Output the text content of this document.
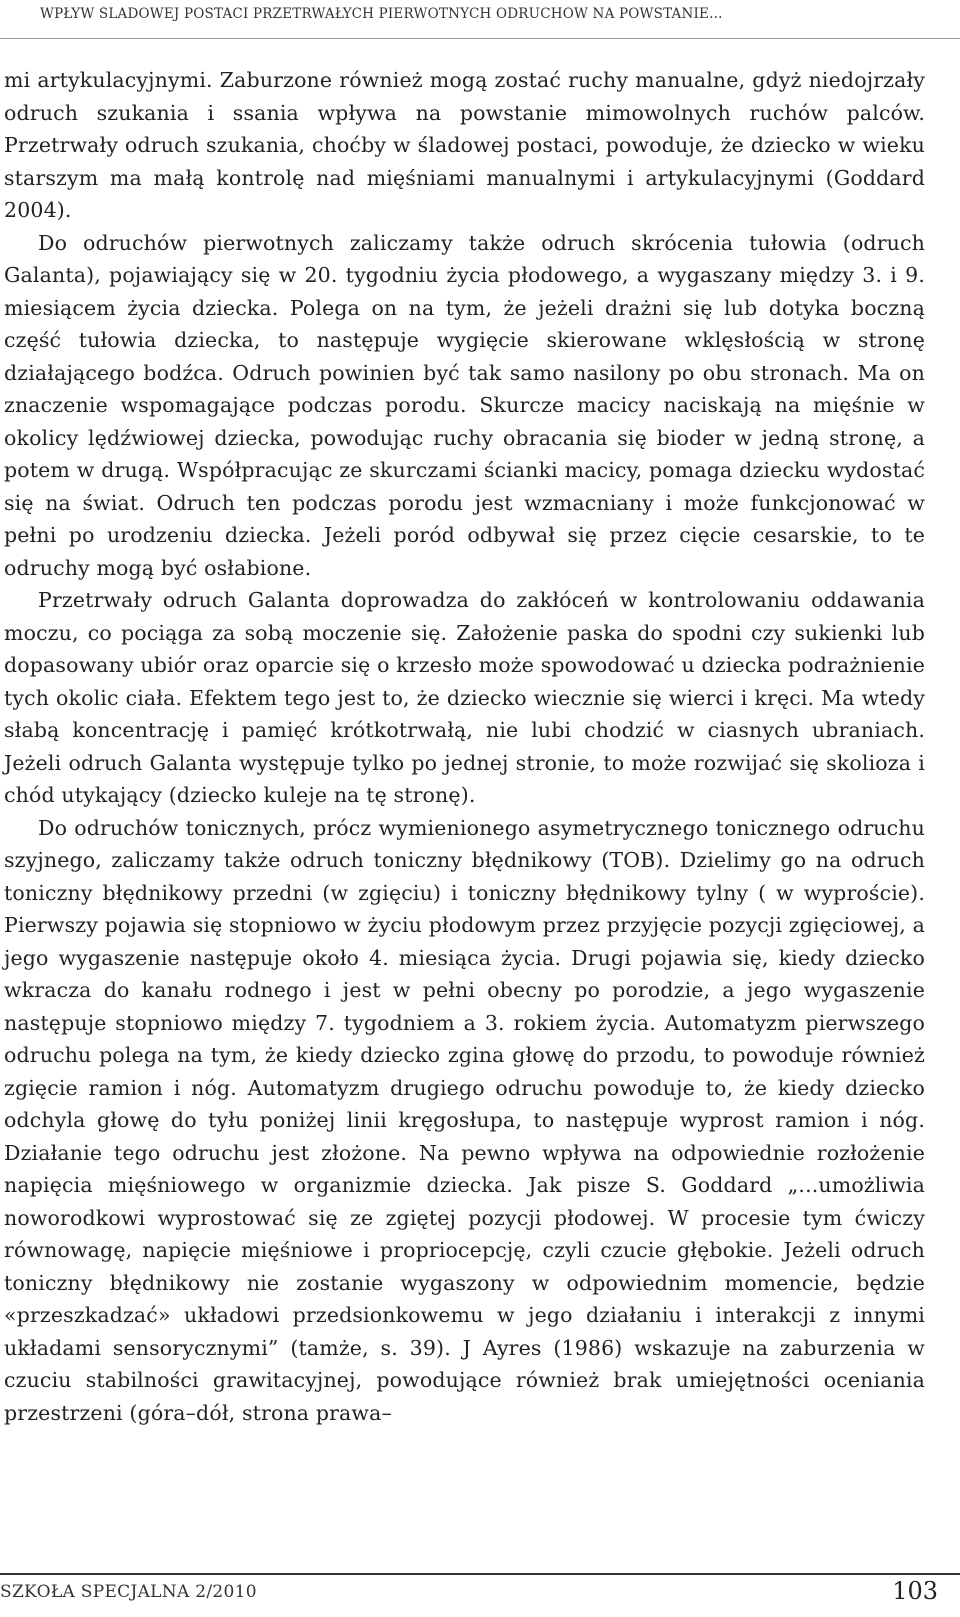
WPŁYW ŚLADOWEJ POSTACI PRZETRWAŁYCH PIERWOTNYCH ODRUCHÓW NA POWSTANIE...

mi artykulacyjnymi. Zaburzone również mogą zostać ruchy manualne, gdyż niedojrzały odruch szukania i ssania wpływa na powstanie mimowolnych ruchów palców. Przetrwały odruch szukania, choćby w śladowej postaci, powoduje, że dziecko w wieku starszym ma małą kontrolę nad mięśniami manualnymi i artykulacyjnymi (Goddard 2004).

Do odruchów pierwotnych zaliczamy także odruch skrócenia tułowia (odruch Galanta), pojawiający się w 20. tygodniu życia płodowego, a wygaszany między 3. i 9. miesiącem życia dziecka. Polega on na tym, że jeżeli drażni się lub dotyka boczną część tułowia dziecka, to następuje wygięcie skierowane wklęsłością w stronę działającego bodźca. Odruch powinien być tak samo nasilony po obu stronach. Ma on znaczenie wspomagające podczas porodu. Skurcze macicy naciskają na mięśnie w okolicy lędźwiowej dziecka, powodując ruchy obracania się bioder w jedną stronę, a potem w drugą. Współpracując ze skurczami ścianki macicy, pomaga dziecku wydostać się na świat. Odruch ten podczas porodu jest wzmacniany i może funkcjonować w pełni po urodzeniu dziecka. Jeżeli poród odbywał się przez cięcie cesarskie, to te odruchy mogą być osłabione.

Przetrwały odruch Galanta doprowadza do zakłóceń w kontrolowaniu oddawania moczu, co pociąga za sobą moczenie się. Założenie paska do spodni czy sukienki lub dopasowany ubiór oraz oparcie się o krzesło może spowodować u dziecka podrażnienie tych okolic ciała. Efektem tego jest to, że dziecko wiecznie się wierci i kręci. Ma wtedy słabą koncentrację i pamięć krótkotrwałą, nie lubi chodzić w ciasnych ubraniach. Jeżeli odruch Galanta występuje tylko po jednej stronie, to może rozwijać się skolioza i chód utykający (dziecko kuleje na tę stronę).

Do odruchów tonicznych, prócz wymienionego asymetrycznego tonicznego odruchu szyjnego, zaliczamy także odruch toniczny błędnikowy (TOB). Dzielimy go na odruch toniczny błędnikowy przedni (w zgięciu) i toniczny błędnikowy tylny ( w wyproście). Pierwszy pojawia się stopniowo w życiu płodowym przez przyjęcie pozycji zgięciowej, a jego wygaszenie następuje około 4. miesiąca życia. Drugi pojawia się, kiedy dziecko wkracza do kanału rodnego i jest w pełni obecny po porodzie, a jego wygaszenie następuje stopniowo między 7. tygodniem a 3. rokiem życia. Automatyzm pierwszego odruchu polega na tym, że kiedy dziecko zgina głowę do przodu, to powoduje również zgięcie ramion i nóg. Automatyzm drugiego odruchu powoduje to, że kiedy dziecko odchyla głowę do tyłu poniżej linii kręgosłupa, to następuje wyprost ramion i nóg. Działanie tego odruchu jest złożone. Na pewno wpływa na odpowiednie rozłożenie napięcia mięśniowego w organizmie dziecka. Jak pisze S. Goddard „...umożliwia noworodkowi wyprostować się ze zgiętej pozycji płodowej. W procesie tym ćwiczy równowagę, napięcie mięśniowe i propriocepcję, czyli czucie głębokie. Jeżeli odruch toniczny błędnikowy nie zostanie wygaszony w odpowiednim momencie, będzie «przeszkadzać» układowi przedsionkowemu w jego działaniu i interakcji z innymi układami sensorycznymi” (tamże, s. 39). J Ayres (1986) wskazuje na zaburzenia w czuciu stabilności grawitacyjnej, powodujące również brak umiejętności oceniania przestrzeni (góra–dół, strona prawa–

SZKOŁA SPECJALNA 2/2010	103
